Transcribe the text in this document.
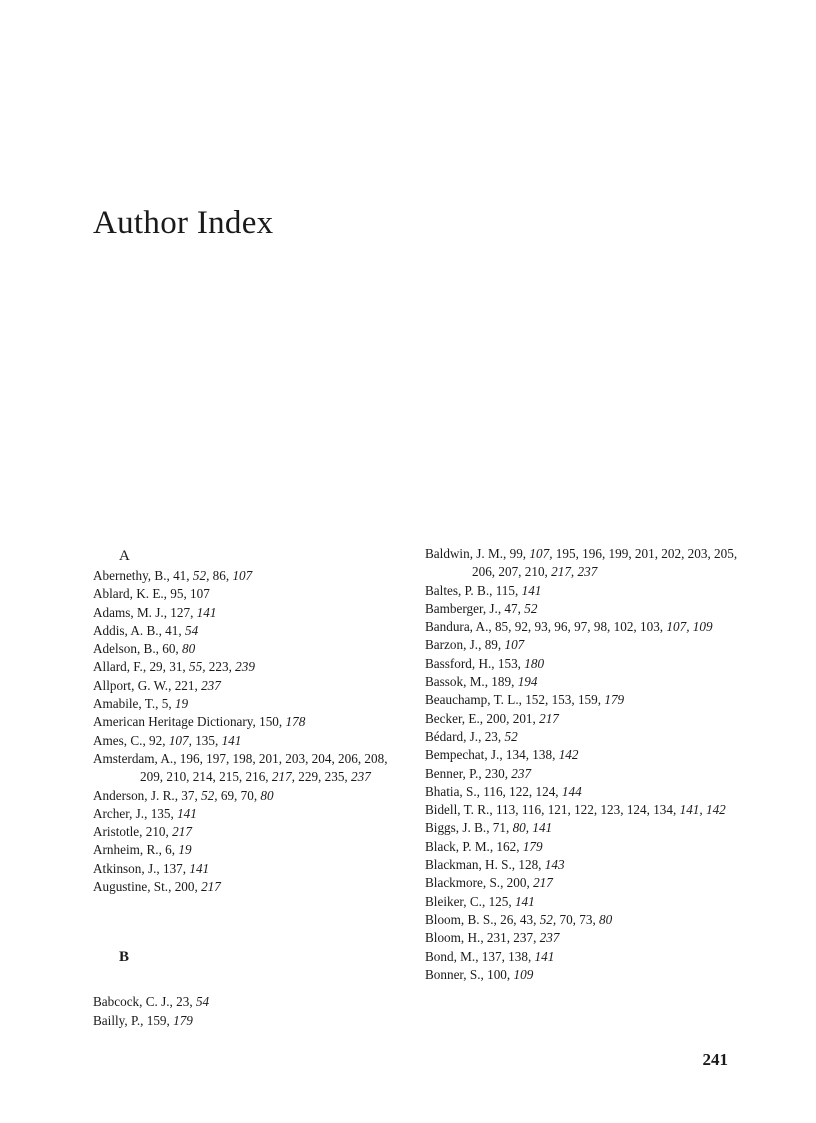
Author Index
A
Abernethy, B., 41, 52, 86, 107
Ablard, K. E., 95, 107
Adams, M. J., 127, 141
Addis, A. B., 41, 54
Adelson, B., 60, 80
Allard, F., 29, 31, 55, 223, 239
Allport, G. W., 221, 237
Amabile, T., 5, 19
American Heritage Dictionary, 150, 178
Ames, C., 92, 107, 135, 141
Amsterdam, A., 196, 197, 198, 201, 203, 204, 206, 208, 209, 210, 214, 215, 216, 217, 229, 235, 237
Anderson, J. R., 37, 52, 69, 70, 80
Archer, J., 135, 141
Aristotle, 210, 217
Arnheim, R., 6, 19
Atkinson, J., 137, 141
Augustine, St., 200, 217
B
Babcock, C. J., 23, 54
Bailly, P., 159, 179
Baldwin, J. M., 99, 107, 195, 196, 199, 201, 202, 203, 205, 206, 207, 210, 217, 237
Baltes, P. B., 115, 141
Bamberger, J., 47, 52
Bandura, A., 85, 92, 93, 96, 97, 98, 102, 103, 107, 109
Barzon, J., 89, 107
Bassford, H., 153, 180
Bassok, M., 189, 194
Beauchamp, T. L., 152, 153, 159, 179
Becker, E., 200, 201, 217
Bédard, J., 23, 52
Bempechat, J., 134, 138, 142
Benner, P., 230, 237
Bhatia, S., 116, 122, 124, 144
Bidell, T. R., 113, 116, 121, 122, 123, 124, 134, 141, 142
Biggs, J. B., 71, 80, 141
Black, P. M., 162, 179
Blackman, H. S., 128, 143
Blackmore, S., 200, 217
Bleiker, C., 125, 141
Bloom, B. S., 26, 43, 52, 70, 73, 80
Bloom, H., 231, 237, 237
Bond, M., 137, 138, 141
Bonner, S., 100, 109
241
